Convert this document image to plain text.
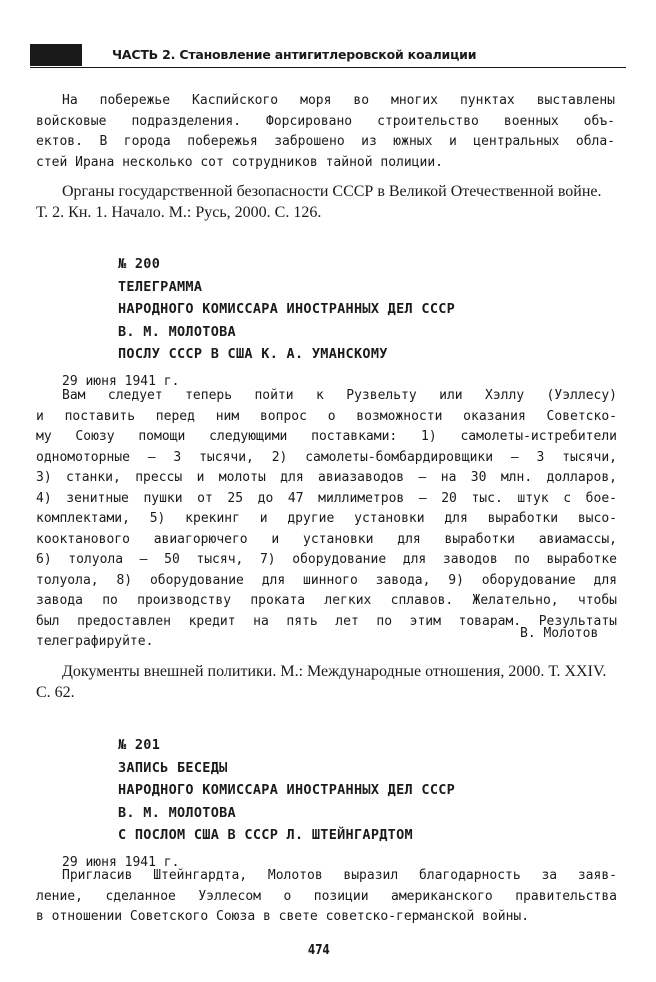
ЧАСТЬ 2. Становление антигитлеровской коалиции
На побережье Каспийского моря во многих пунктах выставлены
войсковые подразделения. Форсировано строительство военных объ-
ектов. В города побережья заброшено из южных и центральных обла-
стей Ирана несколько сот сотрудников тайной полиции.
Органы государственной безопасности СССР в Великой Отечественной войне.
Т. 2. Кн. 1. Начало. М.: Русь, 2000. С. 126.
№ 200
ТЕЛЕГРАММА
НАРОДНОГО КОМИССАРА ИНОСТРАННЫХ ДЕЛ СССР
В. М. МОЛОТОВА
ПОСЛУ СССР В США К. А. УМАНСКОМУ
29 июня 1941 г.
Вам следует теперь пойти к Рузвельту или Хэллу (Уэллесу)
и поставить перед ним вопрос о возможности оказания Советско-
му Союзу помощи следующими поставками: 1) самолеты-истребители
одномоторные – 3 тысячи, 2) самолеты-бомбардировщики – 3 тысячи,
3) станки, прессы и молоты для авиазаводов – на 30 млн. долларов,
4) зенитные пушки от 25 до 47 миллиметров – 20 тыс. штук с бое-
комплектами, 5) крекинг и другие установки для выработки высо-
кооктанового авиагорючего и установки для выработки авиамассы,
6) толуола – 50 тысяч, 7) оборудование для заводов по выработке
толуола, 8) оборудование для шинного завода, 9) оборудование для
завода по производству проката легких сплавов. Желательно, чтобы
был предоставлен кредит на пять лет по этим товарам. Результаты
телеграфируйте.
В. Молотов
Документы внешней политики. М.: Международные отношения, 2000. Т. XXIV.
С. 62.
№ 201
ЗАПИСЬ БЕСЕДЫ
НАРОДНОГО КОМИССАРА ИНОСТРАННЫХ ДЕЛ СССР
В. М. МОЛОТОВА
С ПОСЛОМ США В СССР Л. ШТЕЙНГАРДТОМ
29 июня 1941 г.
Пригласив Штейнгардта, Молотов выразил благодарность за заяв-
ление, сделанное Уэллесом о позиции американского правительства
в отношении Советского Союза в свете советско-германской войны.
474
